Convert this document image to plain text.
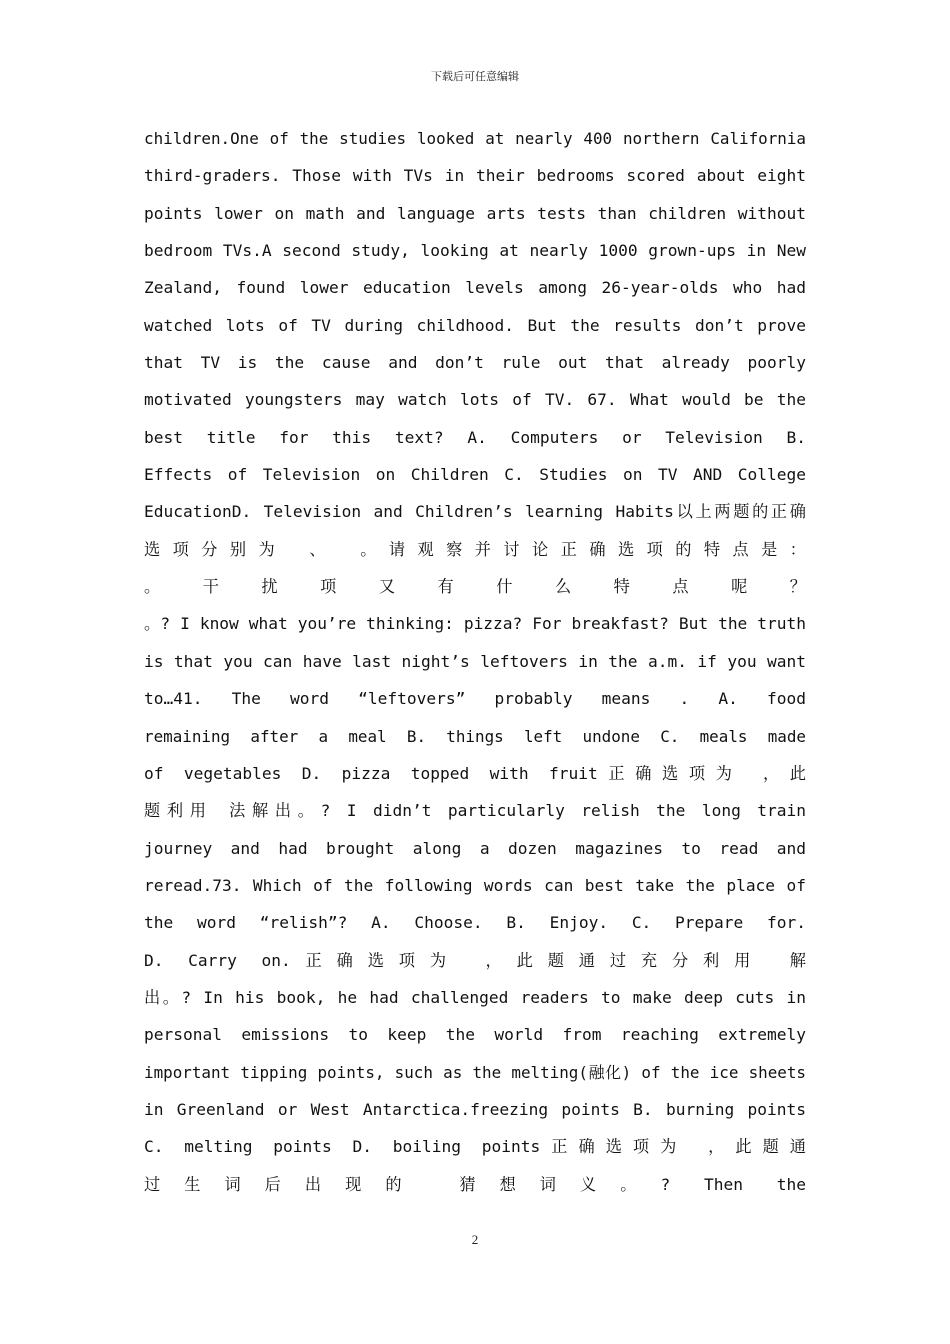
下载后可任意编辑
children.One of the studies looked at nearly 400 northern California
third-graders. Those with TVs in their bedrooms scored about eight
points lower on math and language arts tests than children without
bedroom TVs.A second study, looking at nearly 1000 grown-ups in New
Zealand, found lower education levels among 26-year-olds who had
watched lots of TV during childhood. But the results don’t prove
that TV is the cause and don’t rule out that already poorly
motivated youngsters may watch lots of TV. 67. What would be the
best title for this text? A. Computers or Television B.
Effects of Television on Children C. Studies on TV AND College
EducationD. Television and Children’s learning Habits以上两题的正确
选项分别为 、 。请观察并讨论正确选项的特点是：
。 干 扰 项 又 有 什 么 特 点 呢 ？
。? I know what you’re thinking: pizza? For breakfast? But the truth
is that you can have last night’s leftovers in the a.m. if you want
to…41. The word “leftovers” probably means . A. food
remaining after a meal B. things left undone C. meals made
of vegetables D. pizza topped with fruit正确选项为 ，此
题利用 法解出。? I didn’t particularly relish the long train
journey and had brought along a dozen magazines to read and
reread.73. Which of the following words can best take the place of
the word “relish”? A. Choose. B. Enjoy. C. Prepare for.
D. Carry on.正确选项为 ，此题通过充分利用 解
出。? In his book, he had challenged readers to make deep cuts in
personal emissions to keep the world from reaching extremely
important tipping points, such as the melting(融化) of the ice sheets
in Greenland or West Antarctica.freezing points B. burning points
C. melting points D. boiling points正确选项为 ，此题通
过生词后出现的 猜想词义。? Then the
2
